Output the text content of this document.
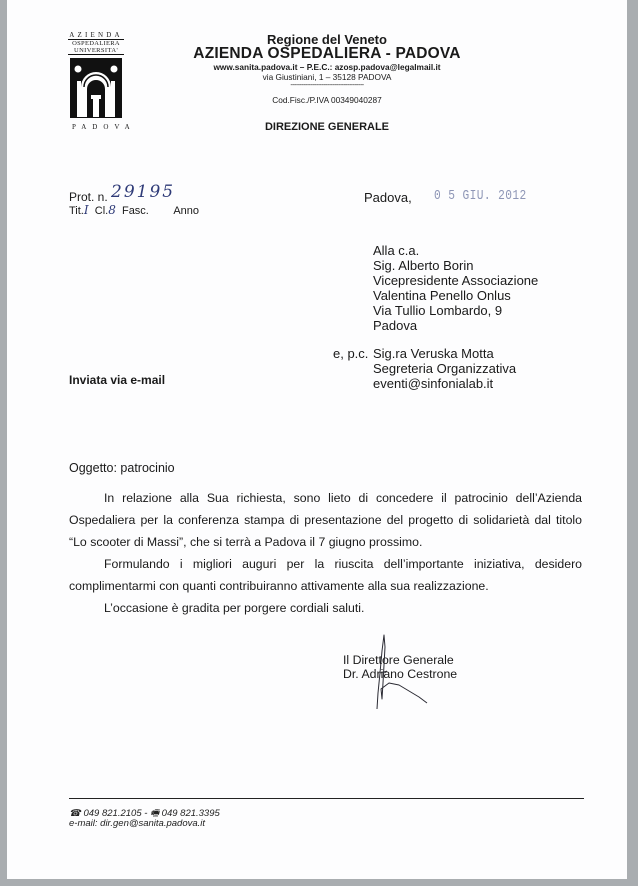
AZIENDA
OSPEDALIERA
UNIVERSITA'
PADOVA
Regione del Veneto
AZIENDA OSPEDALIERA - PADOVA
www.sanita.padova.it – P.E.C.: azosp.padova@legalmail.it
via Giustiniani, 1 – 35128 PADOVA
----------------------------------------
Cod.Fisc./P.IVA 00349040287
DIREZIONE GENERALE
Prot. n. 29195
Tit.I Cl.8 Fasc. Anno
Padova, 0 5 GIU. 2012
Alla c.a.
Sig. Alberto Borin
Vicepresidente Associazione
Valentina Penello Onlus
Via Tullio Lombardo, 9
Padova
e, p.c. Sig.ra Veruska Motta
Segreteria Organizzativa
eventi@sinfonialab.it
Inviata via e-mail
Oggetto: patrocinio

In relazione alla Sua richiesta, sono lieto di concedere il patrocinio dell’Azienda Ospedaliera per la conferenza stampa di presentazione del progetto di solidarietà dal titolo “Lo scooter di Massi”, che si terrà a Padova il 7 giugno prossimo.

Formulando i migliori auguri per la riuscita dell’importante iniziativa, desidero complimentarmi con quanti contribuiranno attivamente alla sua realizzazione.

L’occasione è gradita per porgere cordiali saluti.

Il Direttore Generale
Dr. Adriano Cestrone
☎ 049 821.2105 - 🖷 049 821.3395
e-mail: dir.gen@sanita.padova.it
